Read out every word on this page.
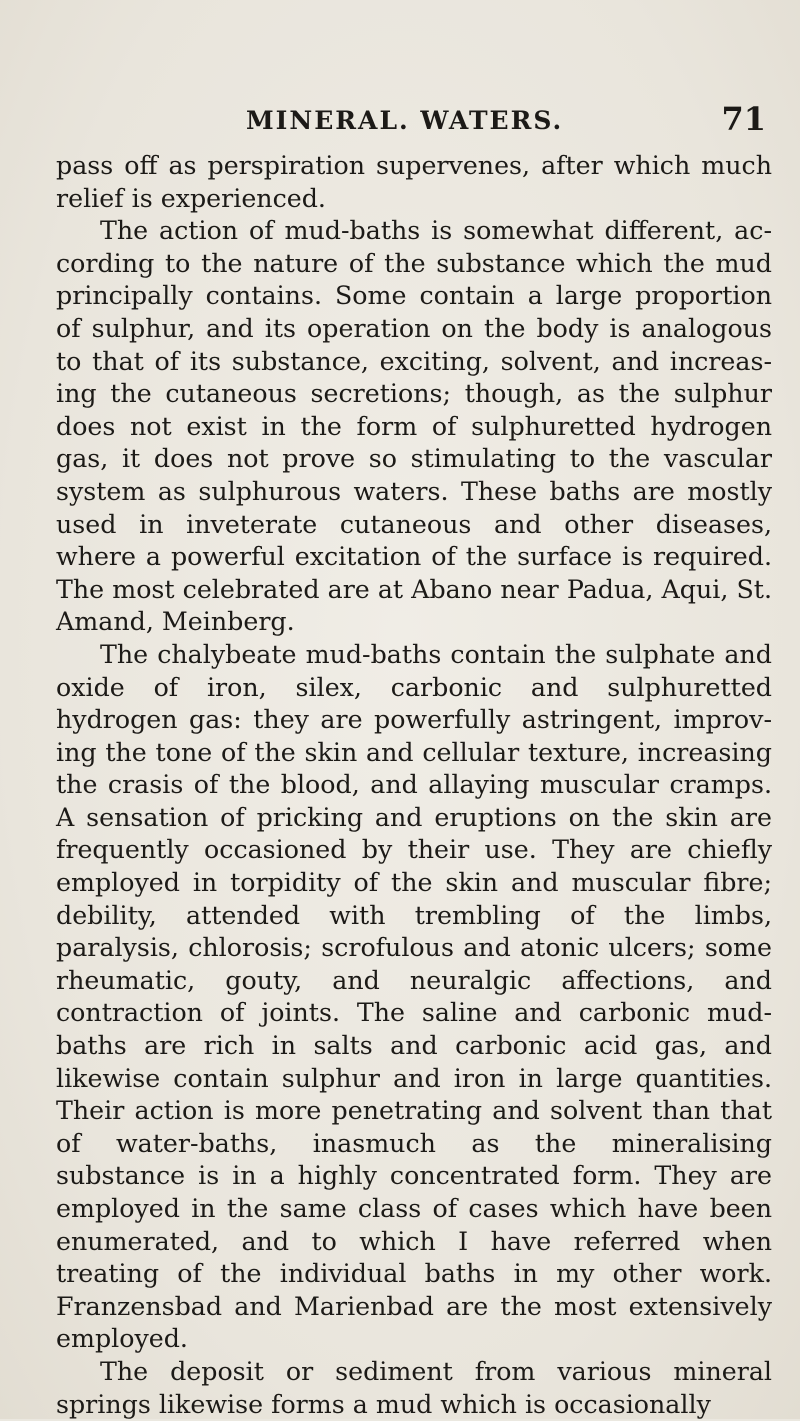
MINERAL. WATERS.	71

pass off as perspiration supervenes, after which much relief is experienced.

The action of mud-baths is somewhat different, according to the nature of the substance which the mud principally contains. Some contain a large proportion of sulphur, and its operation on the body is analogous to that of its substance, exciting, solvent, and increasing the cutaneous secretions; though, as the sulphur does not exist in the form of sulphuretted hydrogen gas, it does not prove so stimulating to the vascular system as sulphurous waters. These baths are mostly used in inveterate cutaneous and other diseases, where a powerful excitation of the surface is required. The most celebrated are at Abano near Padua, Aqui, St. Amand, Meinberg.

The chalybeate mud-baths contain the sulphate and oxide of iron, silex, carbonic and sulphuretted hydrogen gas: they are powerfully astringent, improving the tone of the skin and cellular texture, increasing the crasis of the blood, and allaying muscular cramps. A sensation of pricking and eruptions on the skin are frequently occasioned by their use. They are chiefly employed in torpidity of the skin and muscular fibre; debility, attended with trembling of the limbs, paralysis, chlorosis; scrofulous and atonic ulcers; some rheumatic, gouty, and neuralgic affections, and contraction of joints. The saline and carbonic mud-baths are rich in salts and carbonic acid gas, and likewise contain sulphur and iron in large quantities. Their action is more penetrating and solvent than that of water-baths, inasmuch as the mineralising substance is in a highly concentrated form. They are employed in the same class of cases which have been enumerated, and to which I have referred when treating of the individual baths in my other work. Franzensbad and Marienbad are the most extensively employed.

The deposit or sediment from various mineral springs likewise forms a mud which is occasionally
